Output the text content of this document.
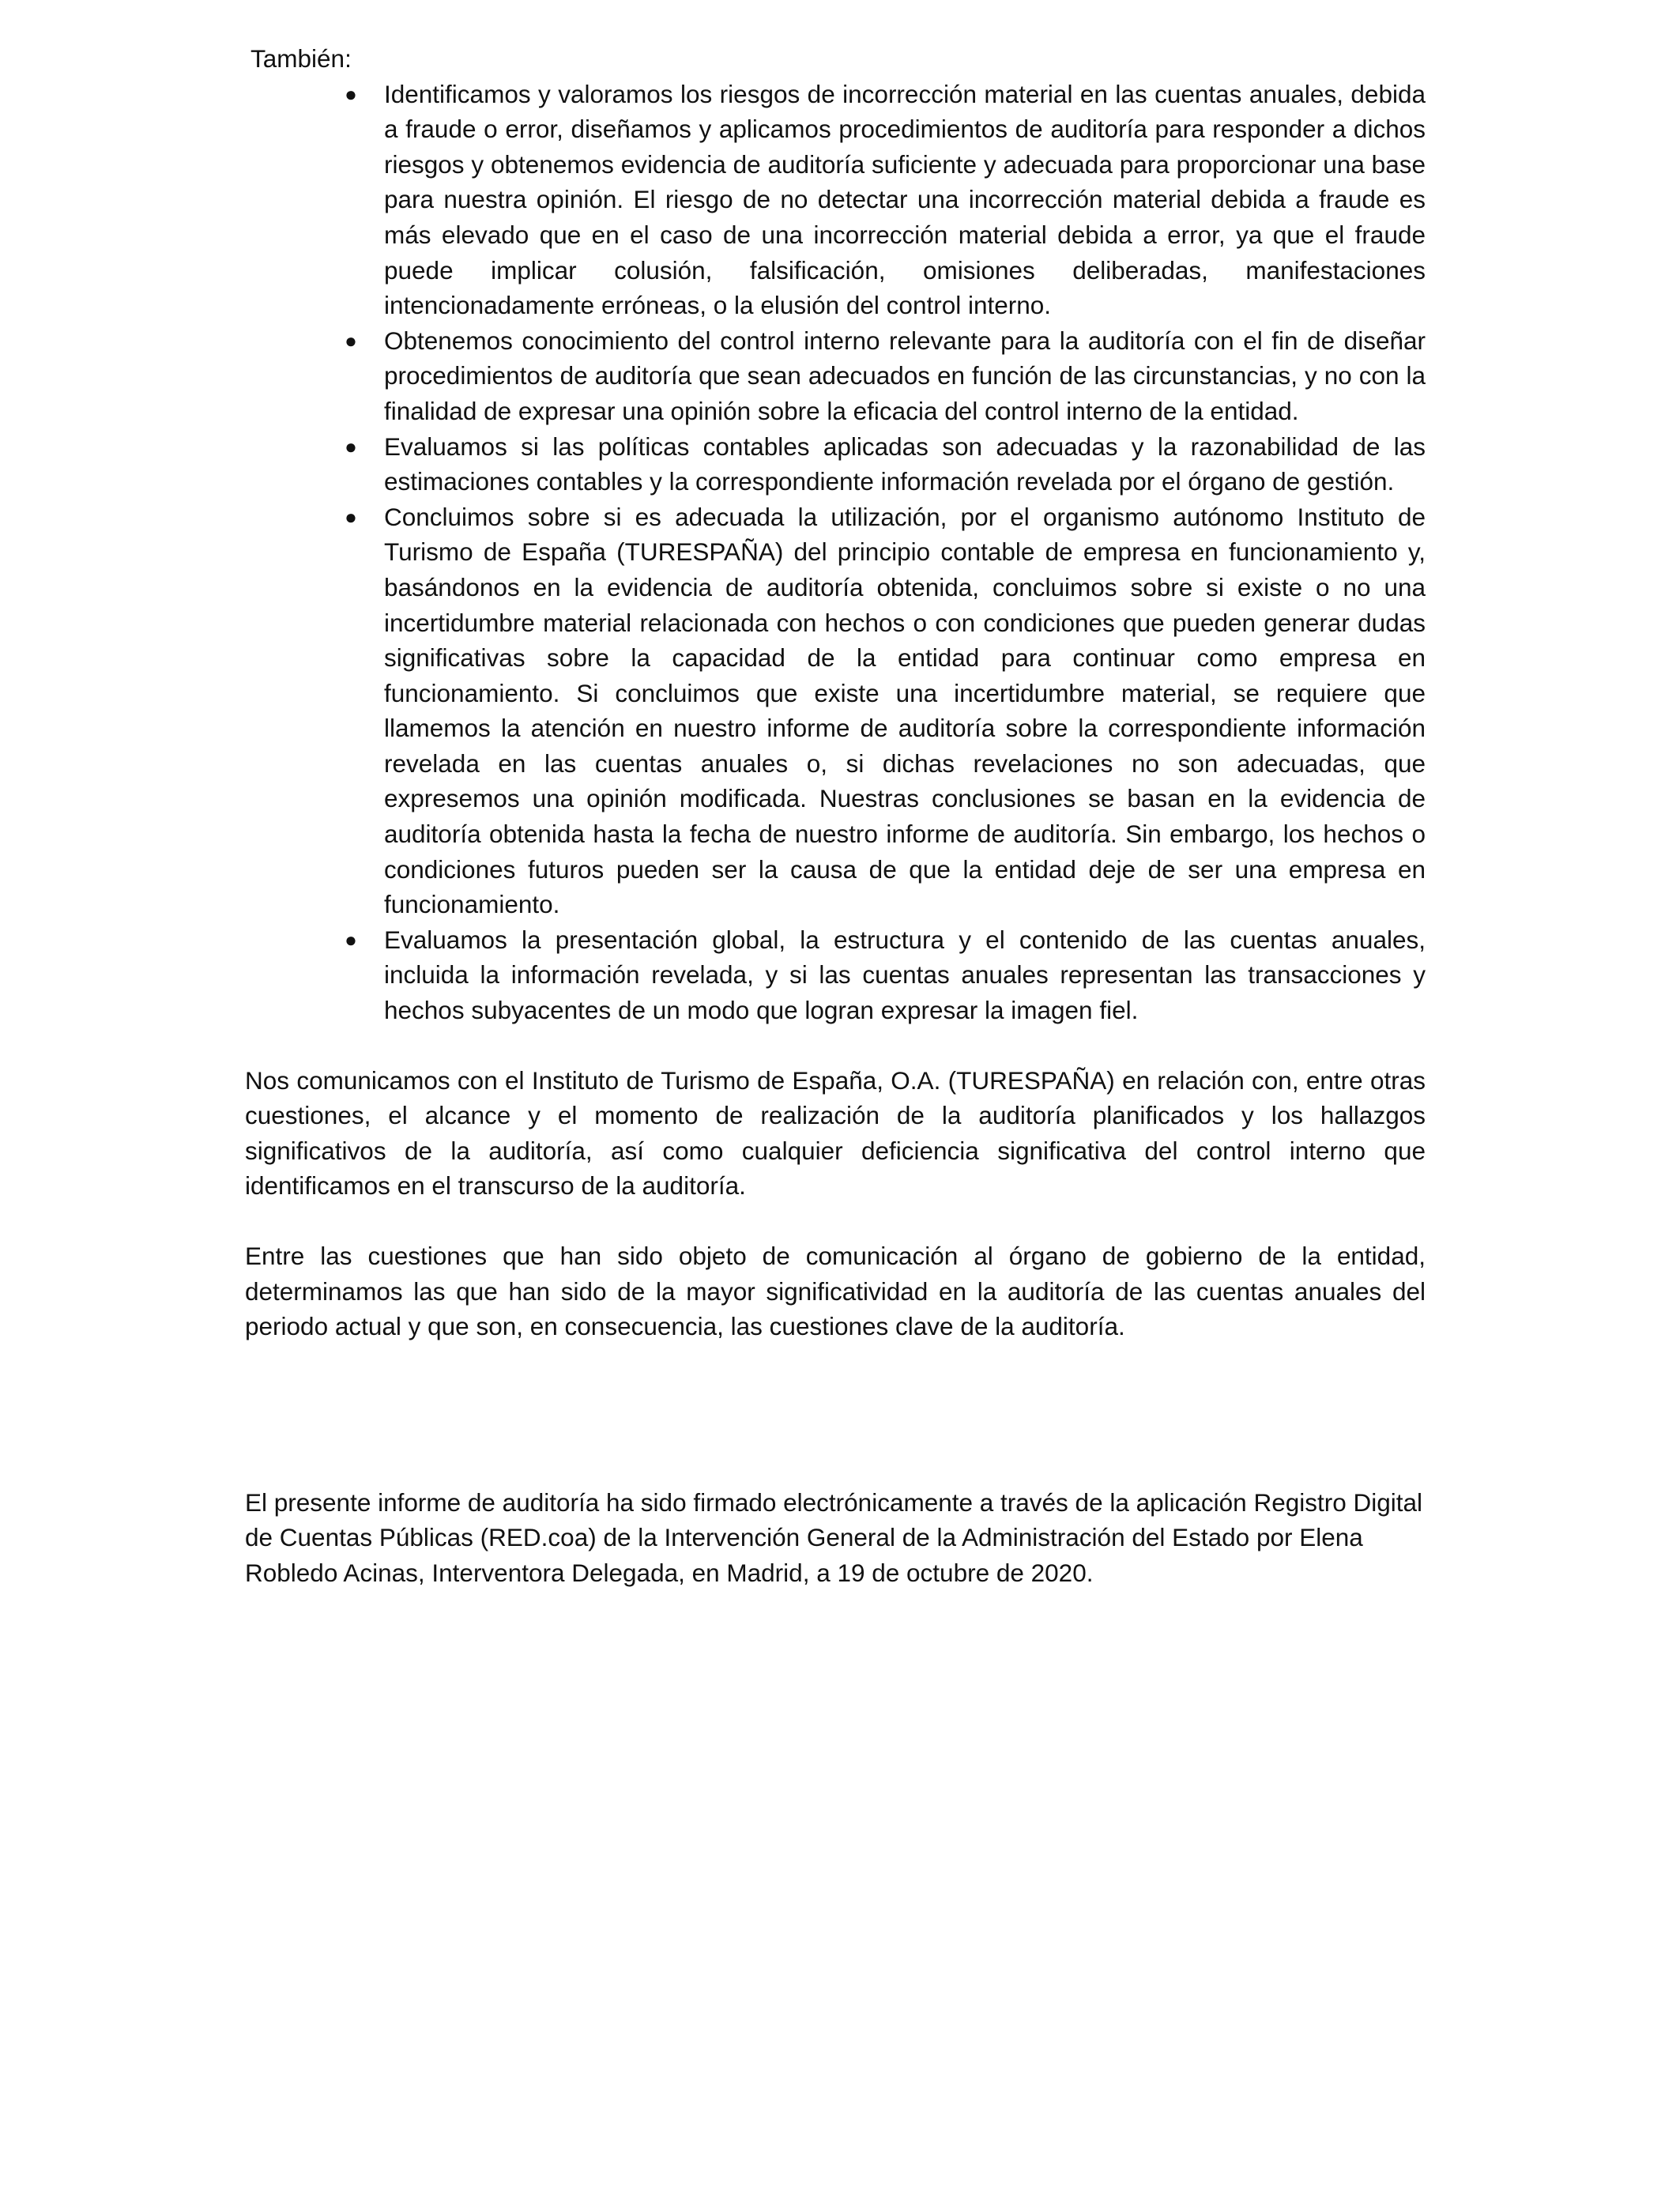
También:

● Identificamos y valoramos los riesgos de incorrección material en las cuentas anuales, debida a fraude o error, diseñamos y aplicamos procedimientos de auditoría para responder a dichos riesgos y obtenemos evidencia de auditoría suficiente y adecuada para proporcionar una base para nuestra opinión. El riesgo de no detectar una incorrección material debida a fraude es más elevado que en el caso de una incorrección material debida a error, ya que el fraude puede implicar colusión, falsificación, omisiones deliberadas, manifestaciones intencionadamente erróneas, o la elusión del control interno.
● Obtenemos conocimiento del control interno relevante para la auditoría con el fin de diseñar procedimientos de auditoría que sean adecuados en función de las circunstancias, y no con la finalidad de expresar una opinión sobre la eficacia del control interno de la entidad.
● Evaluamos si las políticas contables aplicadas son adecuadas y la razonabilidad de las estimaciones contables y la correspondiente información revelada por el órgano de gestión.
● Concluimos sobre si es adecuada la utilización, por el organismo autónomo Instituto de Turismo de España (TURESPAÑA) del principio contable de empresa en funcionamiento y, basándonos en la evidencia de auditoría obtenida, concluimos sobre si existe o no una incertidumbre material relacionada con hechos o con condiciones que pueden generar dudas significativas sobre la capacidad de la entidad para continuar como empresa en funcionamiento. Si concluimos que existe una incertidumbre material, se requiere que llamemos la atención en nuestro informe de auditoría sobre la correspondiente información revelada en las cuentas anuales o, si dichas revelaciones no son adecuadas, que expresemos una opinión modificada. Nuestras conclusiones se basan en la evidencia de auditoría obtenida hasta la fecha de nuestro informe de auditoría. Sin embargo, los hechos o condiciones futuros pueden ser la causa de que la entidad deje de ser una empresa en funcionamiento.
● Evaluamos la presentación global, la estructura y el contenido de las cuentas anuales, incluida la información revelada, y si las cuentas anuales representan las transacciones y hechos subyacentes de un modo que logran expresar la imagen fiel.

Nos comunicamos con el Instituto de Turismo de España, O.A. (TURESPAÑA) en relación con, entre otras cuestiones, el alcance y el momento de realización de la auditoría planificados y los hallazgos significativos de la auditoría, así como cualquier deficiencia significativa del control interno que identificamos en el transcurso de la auditoría.

Entre las cuestiones que han sido objeto de comunicación al órgano de gobierno de la entidad, determinamos las que han sido de la mayor significatividad en la auditoría de las cuentas anuales del periodo actual y que son, en consecuencia, las cuestiones clave de la auditoría.

El presente informe de auditoría ha sido firmado electrónicamente a través de la aplicación Registro Digital de Cuentas Públicas (RED.coa) de la Intervención General de la Administración del Estado por Elena Robledo Acinas, Interventora Delegada, en Madrid, a 19 de octubre de 2020.
